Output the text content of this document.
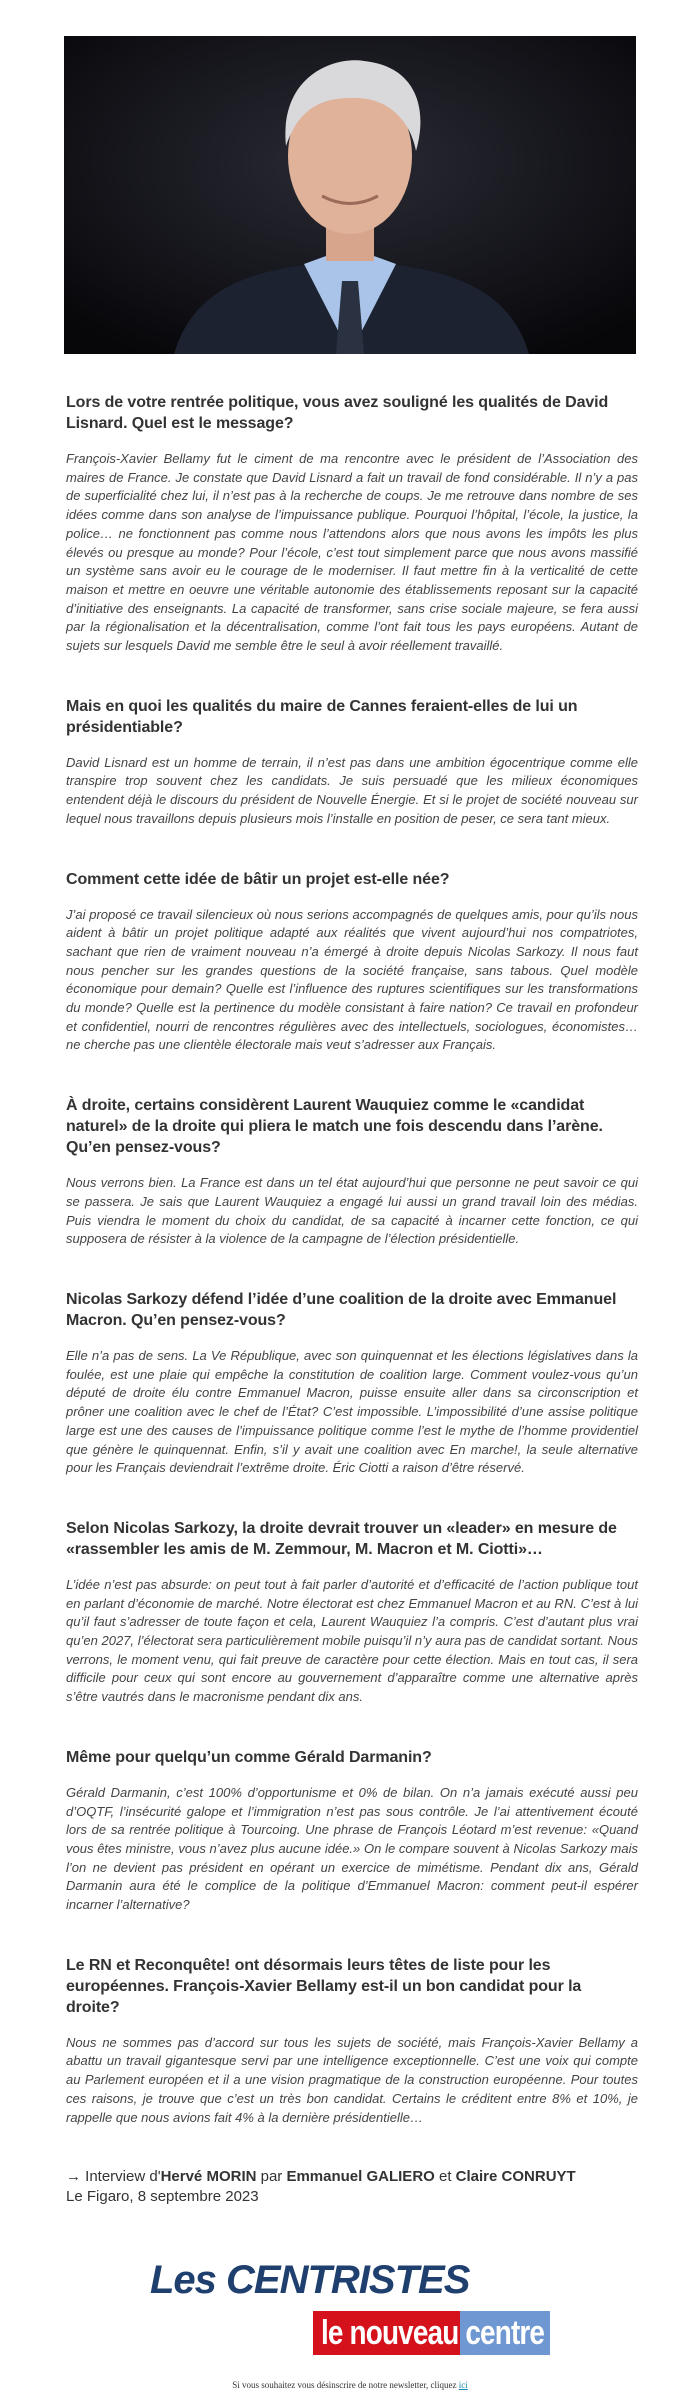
Lors de votre rentrée politique, vous avez souligné les qualités de David Lisnard. Quel est le message?

François-Xavier Bellamy fut le ciment de ma rencontre avec le président de l’Association des maires de France. Je constate que David Lisnard a fait un travail de fond considérable. Il n’y a pas de superficialité chez lui, il n’est pas à la recherche de coups. Je me retrouve dans nombre de ses idées comme dans son analyse de l’impuissance publique. Pourquoi l’hôpital, l’école, la justice, la police… ne fonctionnent pas comme nous l’attendons alors que nous avons les impôts les plus élevés ou presque au monde? Pour l’école, c’est tout simplement parce que nous avons massifié un système sans avoir eu le courage de le moderniser. Il faut mettre fin à la verticalité de cette maison et mettre en oeuvre une véritable autonomie des établissements reposant sur la capacité d’initiative des enseignants. La capacité de transformer, sans crise sociale majeure, se fera aussi par la régionalisation et la décentralisation, comme l’ont fait tous les pays européens. Autant de sujets sur lesquels David me semble être le seul à avoir réellement travaillé.

Mais en quoi les qualités du maire de Cannes feraient-elles de lui un présidentiable?

David Lisnard est un homme de terrain, il n’est pas dans une ambition égocentrique comme elle transpire trop souvent chez les candidats. Je suis persuadé que les milieux économiques entendent déjà le discours du président de Nouvelle Énergie. Et si le projet de société nouveau sur lequel nous travaillons depuis plusieurs mois l’installe en position de peser, ce sera tant mieux.

Comment cette idée de bâtir un projet est-elle née?

J’ai proposé ce travail silencieux où nous serions accompagnés de quelques amis, pour qu’ils nous aident à bâtir un projet politique adapté aux réalités que vivent aujourd’hui nos compatriotes, sachant que rien de vraiment nouveau n’a émergé à droite depuis Nicolas Sarkozy. Il nous faut nous pencher sur les grandes questions de la société française, sans tabous. Quel modèle économique pour demain? Quelle est l’influence des ruptures scientifiques sur les transformations du monde? Quelle est la pertinence du modèle consistant à faire nation? Ce travail en profondeur et confidentiel, nourri de rencontres régulières avec des intellectuels, sociologues, économistes… ne cherche pas une clientèle électorale mais veut s’adresser aux Français.

À droite, certains considèrent Laurent Wauquiez comme le «candidat naturel» de la droite qui pliera le match une fois descendu dans l’arène. Qu’en pensez-vous?

Nous verrons bien. La France est dans un tel état aujourd’hui que personne ne peut savoir ce qui se passera. Je sais que Laurent Wauquiez a engagé lui aussi un grand travail loin des médias. Puis viendra le moment du choix du candidat, de sa capacité à incarner cette fonction, ce qui supposera de résister à la violence de la campagne de l’élection présidentielle.

Nicolas Sarkozy défend l’idée d’une coalition de la droite avec Emmanuel Macron. Qu’en pensez-vous?

Elle n’a pas de sens. La Ve République, avec son quinquennat et les élections législatives dans la foulée, est une plaie qui empêche la constitution de coalition large. Comment voulez-vous qu’un député de droite élu contre Emmanuel Macron, puisse ensuite aller dans sa circonscription et prôner une coalition avec le chef de l’État? C’est impossible. L’impossibilité d’une assise politique large est une des causes de l’impuissance politique comme l’est le mythe de l’homme providentiel que génère le quinquennat. Enfin, s’il y avait une coalition avec En marche!, la seule alternative pour les Français deviendrait l’extrême droite. Éric Ciotti a raison d’être réservé.

Selon Nicolas Sarkozy, la droite devrait trouver un «leader» en mesure de «rassembler les amis de M. Zemmour, M. Macron et M. Ciotti»…

L’idée n’est pas absurde: on peut tout à fait parler d’autorité et d’efficacité de l’action publique tout en parlant d’économie de marché. Notre électorat est chez Emmanuel Macron et au RN. C’est à lui qu’il faut s’adresser de toute façon et cela, Laurent Wauquiez l’a compris. C’est d’autant plus vrai qu’en 2027, l’électorat sera particulièrement mobile puisqu’il n’y aura pas de candidat sortant. Nous verrons, le moment venu, qui fait preuve de caractère pour cette élection. Mais en tout cas, il sera difficile pour ceux qui sont encore au gouvernement d’apparaître comme une alternative après s’être vautrés dans le macronisme pendant dix ans.

Même pour quelqu’un comme Gérald Darmanin?

Gérald Darmanin, c’est 100% d’opportunisme et 0% de bilan. On n’a jamais exécuté aussi peu d’OQTF, l’insécurité galope et l’immigration n’est pas sous contrôle. Je l’ai attentivement écouté lors de sa rentrée politique à Tourcoing. Une phrase de François Léotard m’est revenue: «Quand vous êtes ministre, vous n’avez plus aucune idée.» On le compare souvent à Nicolas Sarkozy mais l’on ne devient pas président en opérant un exercice de mimétisme. Pendant dix ans, Gérald Darmanin aura été le complice de la politique d’Emmanuel Macron: comment peut-il espérer incarner l’alternative?

Le RN et Reconquête! ont désormais leurs têtes de liste pour les européennes. François-Xavier Bellamy est-il un bon candidat pour la droite?

Nous ne sommes pas d’accord sur tous les sujets de société, mais François-Xavier Bellamy a abattu un travail gigantesque servi par une intelligence exceptionnelle. C’est une voix qui compte au Parlement européen et il a une vision pragmatique de la construction européenne. Pour toutes ces raisons, je trouve que c’est un très bon candidat. Certains le créditent entre 8% et 10%, je rappelle que nous avions fait 4% à la dernière présidentielle…

→ Interview d'Hervé MORIN par Emmanuel GALIERO et Claire CONRUYT
Le Figaro, 8 septembre 2023
Les CENTRISTES
le nouveau centre
Si vous souhaitez vous désinscrire de notre newsletter, cliquez ici
